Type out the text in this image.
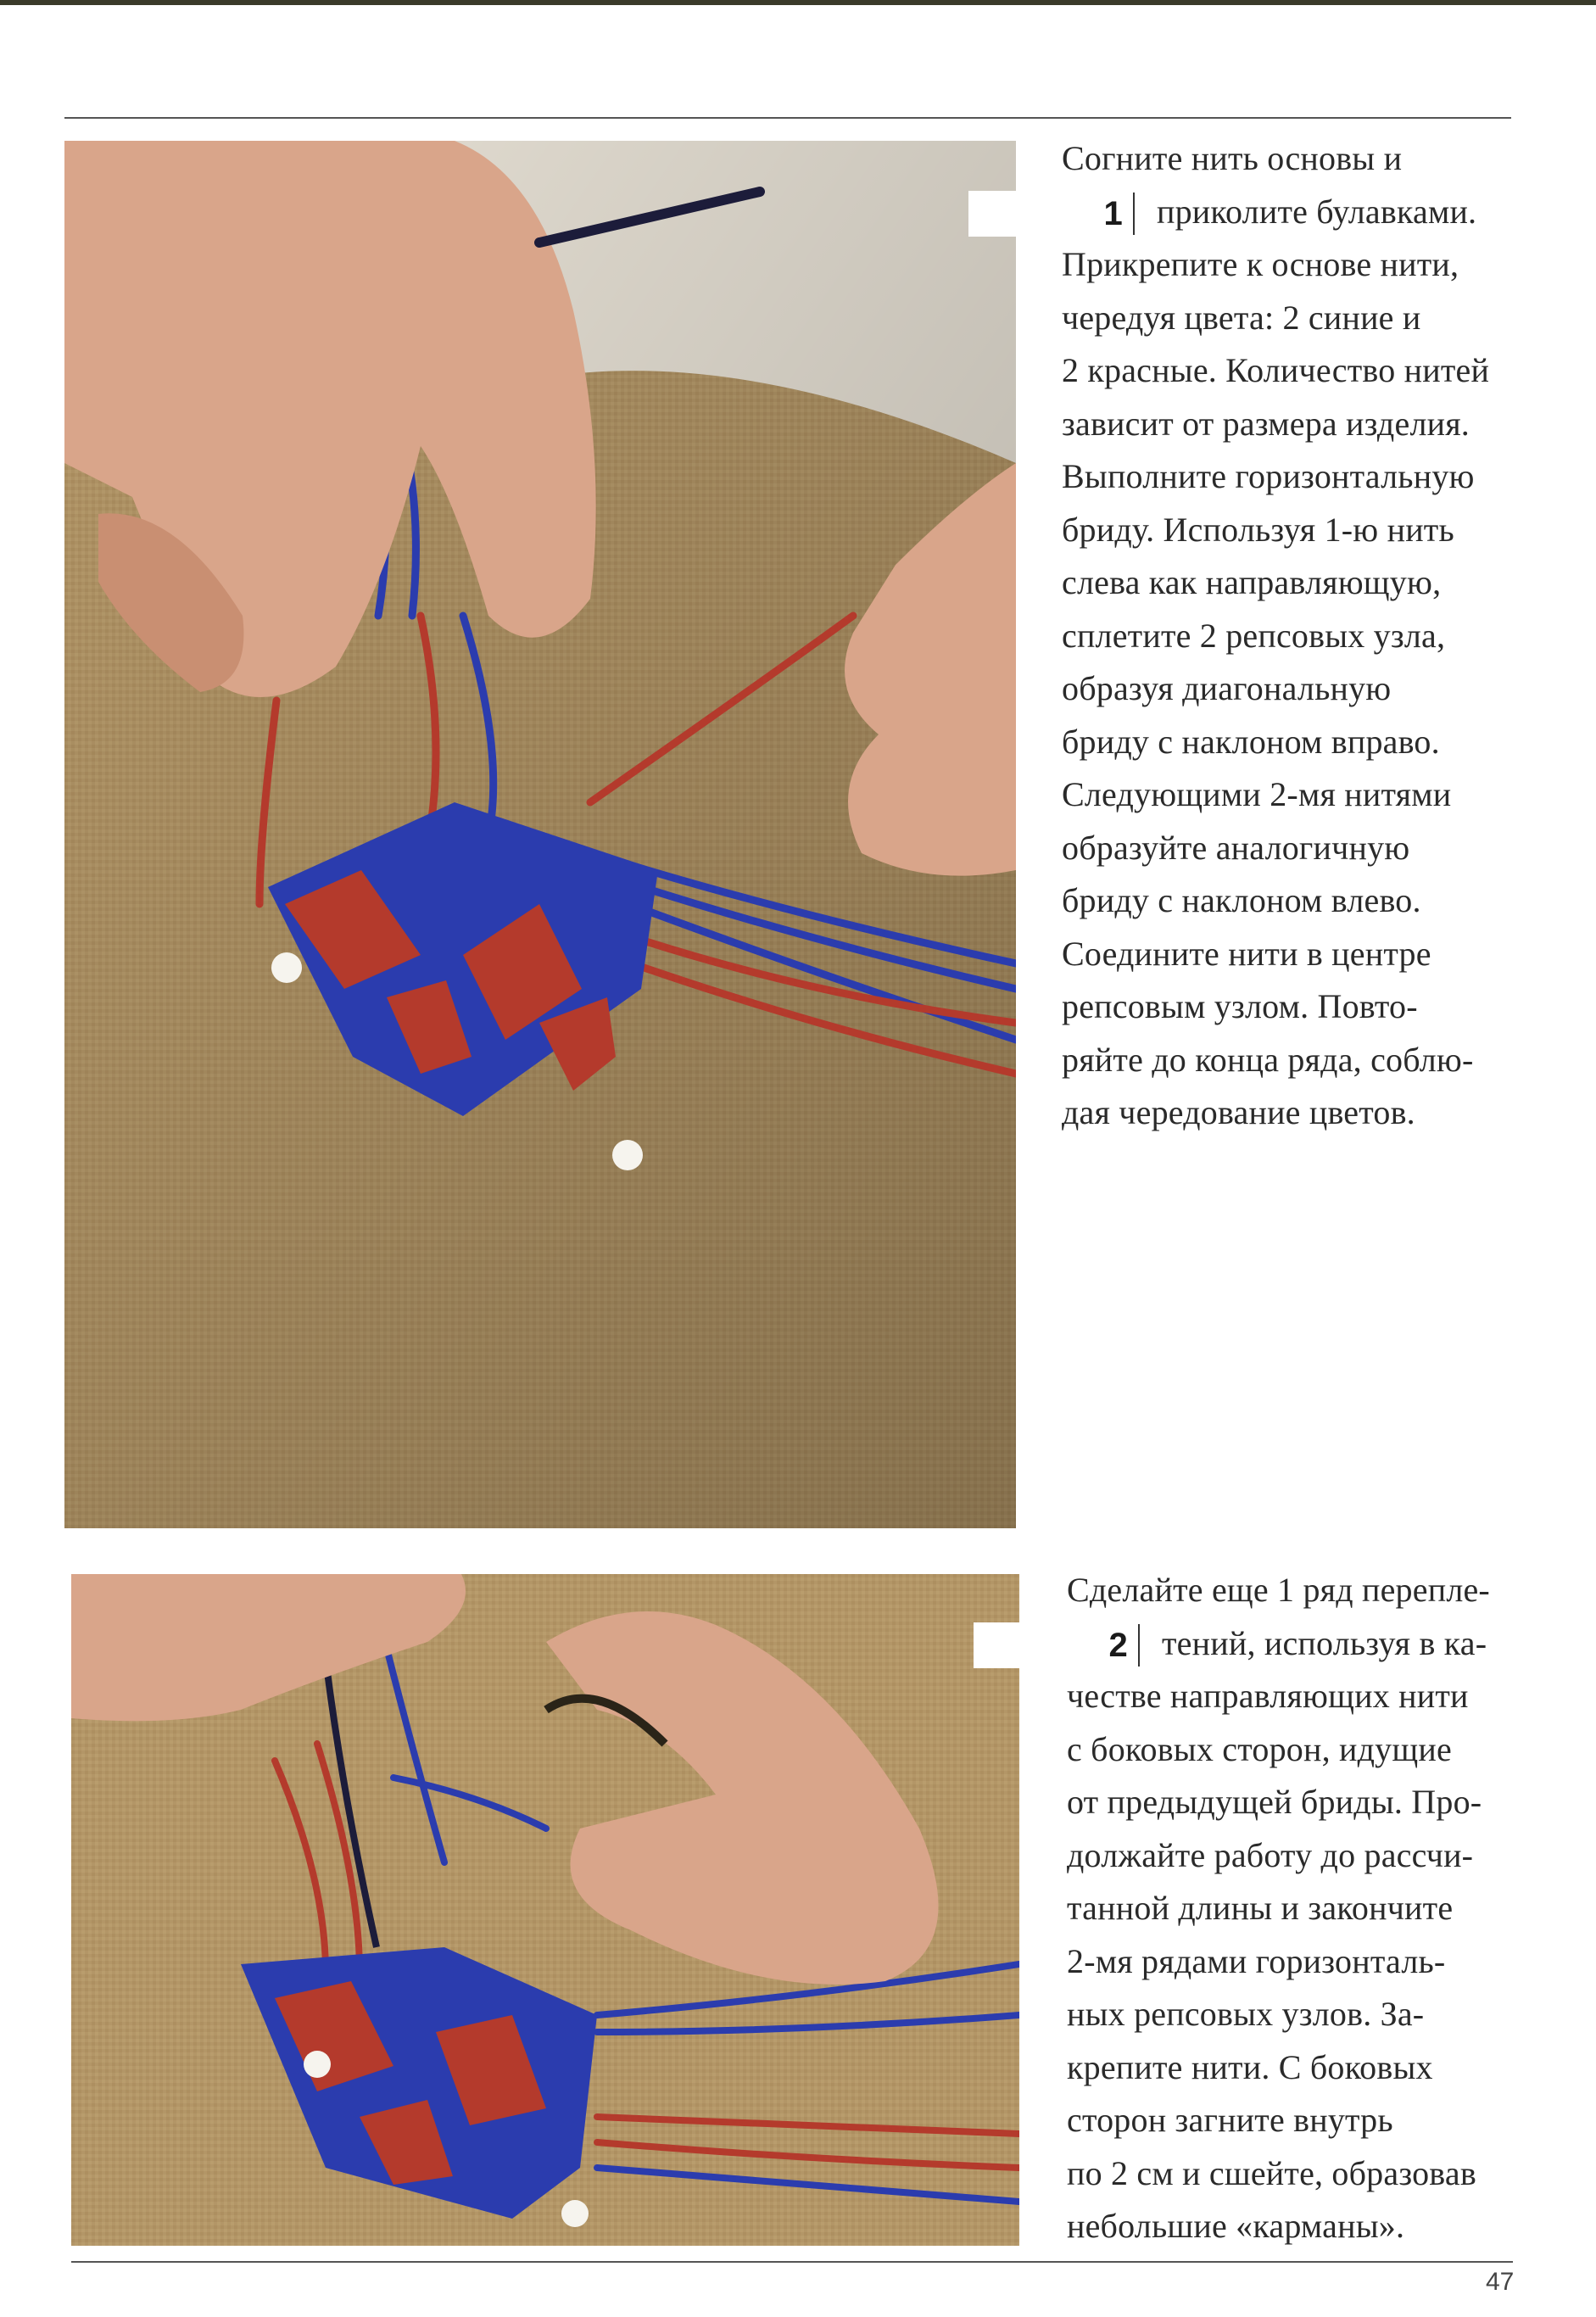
Согните нить основы и
1 приколите булавками.
Прикрепите к основе нити,
чередуя цвета: 2 синие и
2 красные. Количество нитей
зависит от размера изделия.
Выполните горизонтальную
бриду. Используя 1-ю нить
слева как направляющую,
сплетите 2 репсовых узла,
образуя диагональную
бриду с наклоном вправо.
Следующими 2-мя нитями
образуйте аналогичную
бриду с наклоном влево.
Соедините нити в центре
репсовым узлом. Повто-
ряйте до конца ряда, соблю-
дая чередование цветов.
Сделайте еще 1 ряд перепле-
2 тений, используя в ка-
честве направляющих нити
с боковых сторон, идущие
от предыдущей бриды. Про-
должайте работу до рассчи-
танной длины и закончите
2-мя рядами горизонталь-
ных репсовых узлов. За-
крепите нити. С боковых
сторон загните внутрь
по 2 см и сшейте, образовав
небольшие «карманы».
47
